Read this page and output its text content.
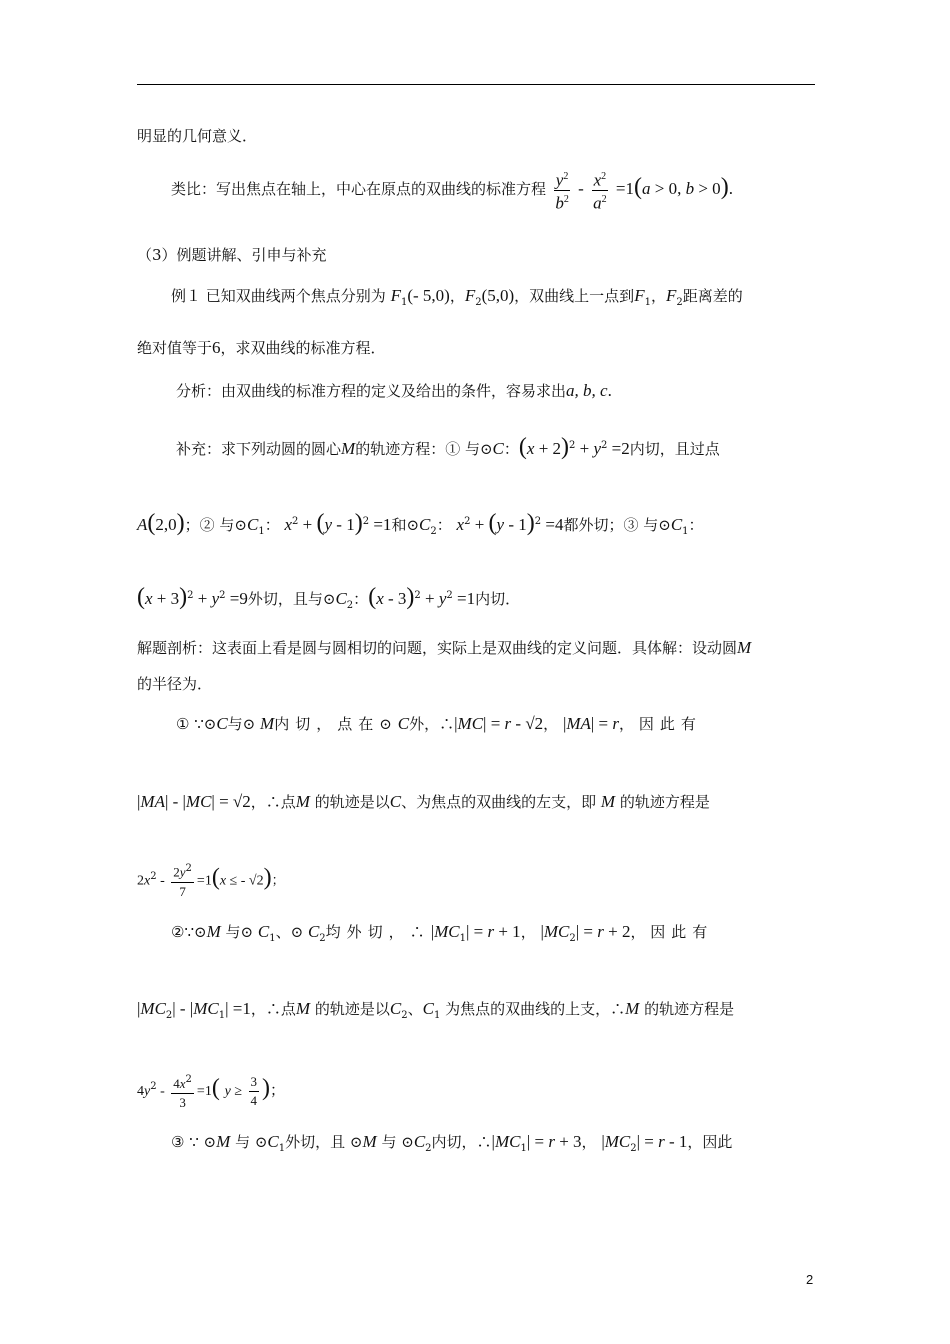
明显的几何意义．
类比：写出焦点在轴上，中心在原点的双曲线的标准方程 $\frac{y^2}{b^2} - \frac{x^2}{a^2} =1(a > 0$, b > 0).
（3）例题讲解、引申与补充
例１ 已知双曲线两个焦点分别为 $F_1(-$ 5,0)，$F_2(5,0)$，双曲线上一点到$F_1$，$F_2$距离差的
绝对值等于6，求双曲线的标准方程．
分析：由双曲线的标准方程的定义及给出的条件，容易求出a, b, c.
补充：求下列动圆的圆心M的轨迹方程：① 与⊙C：$(x + 2)^2 + y^2 =2$内切，且过点
A(2,0)；② 与$⊙C_1$： $x^2 + (y - 1)^2 =1$和$⊙C_2$： $x^2 + (y - 1)^2 =4$都外切；③ 与$⊙C_1$：
$(x + 3)^2 + y^2 =9$外切，且与$⊙C_2$：$(x - 3)^2 + y^2 =1$内切．
解题剖析：这表面上看是圆与圆相切的问题，实际上是双曲线的定义问题．具体解：设动圆M
的半径为．
① ∵⊙C与⊙ M内切，点在⊙C外，∴|MC| = r - √2， |MA| = r， 因此有
|MA| - |MC| = √2，∴点M 的轨迹是以C、为焦点的双曲线的左支，即 M 的轨迹方程是
$2x^2 - \frac{2y^2}{7} =1(x$ ≤ - √2)；
②∵⊙M 与⊙ $C_1$、⊙ $C_2$均外切，$\therefore|MC_1| = r + 1$， $|MC_2| = r + 2$， 因此有
$|MC_2| - |MC_1| =1$，∴点M 的轨迹是以$C_2$、$C_1$ 为焦点的双曲线的上支，∴M 的轨迹方程是
$4y^2 - \frac{4x^2}{3} =1$( $y \ge \frac{3}{4}$ )；
③ ∵ ⊙M 与 $⊙C_1$外切，且 ⊙M 与 $⊙C_2$内切，$\therefore|MC_1| = r + 3$， $|MC_2| = r - 1$，因此
2
